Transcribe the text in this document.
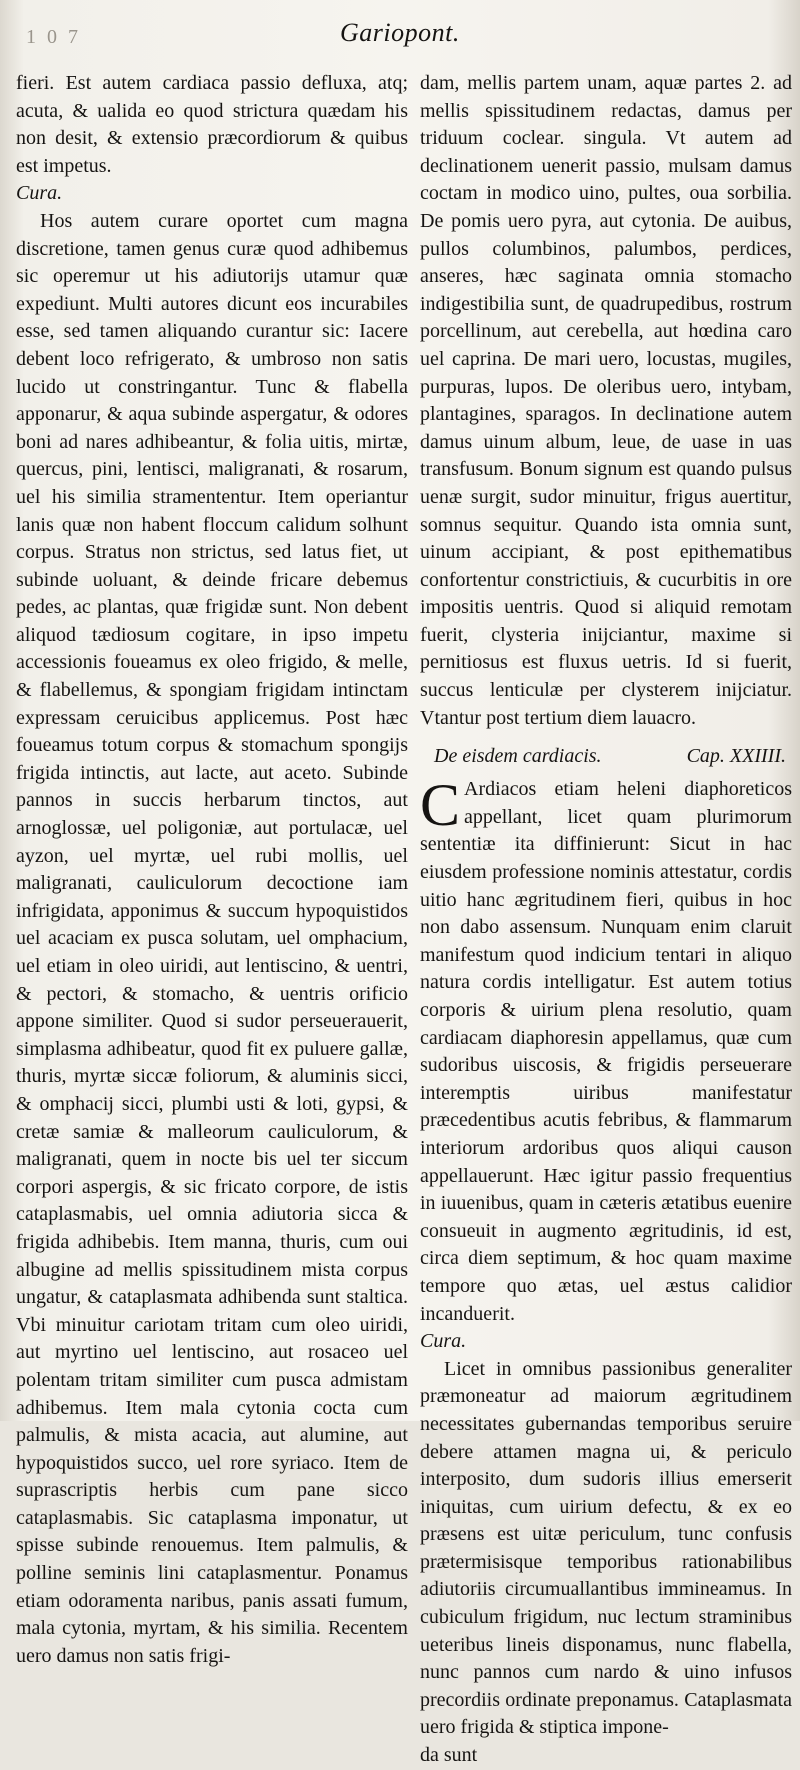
1 0 7	Gariopont.

fieri. Est autem cardiaca passio defluxa, atq; acuta, & ualida eo quod strictura quædam his non desit, & extensio præcordiorum & quibus est impetus.

Cura.

Hos autem curare oportet cum magna discretione, tamen genus curæ quod adhibemus sic operemur ut his adiutorijs utamur quæ expediunt. Multi autores dicunt eos incurabiles esse, sed tamen aliquando curantur sic: Iacere debent loco refrigerato, & umbroso non satis lucido ut constringantur. Tunc & flabella apponarur, & aqua subinde aspergatur, & odores boni ad nares adhibeantur, & folia uitis, mirtæ, quercus, pini, lentisci, maligranati, & rosarum, uel his similia stramententur. Item operiantur lanis quæ non habent floccum calidum solhunt corpus. Stratus non strictus, sed latus fiet, ut subinde uoluant, & deinde fricare debemus pedes, ac plantas, quæ frigidæ sunt. Non debent aliquod tædiosum cogitare, in ipso impetu accessionis foueamus ex oleo frigido, & melle, & flabellemus, & spongiam frigidam intinctam expressam ceruicibus applicemus. Post hæc foueamus totum corpus & stomachum spongijs frigida intinctis, aut lacte, aut aceto. Subinde pannos in succis herbarum tinctos, aut arnoglossæ, uel poligoniæ, aut portulacæ, uel ayzon, uel myrtæ, uel rubi mollis, uel maligranati, cauliculorum decoctione iam infrigidata, apponimus & succum hypoquistidos uel acaciam ex pusca solutam, uel omphacium, uel etiam in oleo uiridi, aut lentiscino, & uentri, & pectori, & stomacho, & uentris orificio appone similiter. Quod si sudor perseuerauerit, simplasma adhibeatur, quod fit ex puluere gallæ, thuris, myrtæ siccæ foliorum, & aluminis sicci, & omphacij sicci, plumbi usti & loti, gypsi, & cretæ samiæ & malleorum cauliculorum, & maligranati, quem in nocte bis uel ter siccum corpori aspergis, & sic fricato corpore, de istis cataplasmabis, uel omnia adiutoria sicca & frigida adhibebis. Item manna, thuris, cum oui albugine ad mellis spissitudinem mista corpus ungatur, & cataplasmata adhibenda sunt staltica. Vbi minuitur cariotam tritam cum oleo uiridi, aut myrtino uel lentiscino, aut rosaceo uel polentam tritam similiter cum pusca admistam adhibemus. Item mala cytonia cocta cum palmulis, & mista acacia, aut alumine, aut hypoquistidos succo, uel rore syriaco. Item de suprascriptis herbis cum pane sicco cataplasmabis. Sic cataplasma imponatur, ut spisse subinde renouemus. Item palmulis, & polline seminis lini cataplasmentur. Ponamus etiam odoramenta naribus, panis assati fumum, mala cytonia, myrtam, & his similia. Recentem uero damus non satis frigi-

dam, mellis partem unam, aquæ partes 2. ad mellis spissitudinem redactas, damus per triduum coclear. singula. Vt autem ad declinationem uenerit passio, mulsam damus coctam in modico uino, pultes, oua sorbilia. De pomis uero pyra, aut cytonia. De auibus, pullos columbinos, palumbos, perdices, anseres, hæc saginata omnia stomacho indigestibilia sunt, de quadrupedibus, rostrum porcellinum, aut cerebella, aut hœdina caro uel caprina. De mari uero, locustas, mugiles, purpuras, lupos. De oleribus uero, intybam, plantagines, sparagos. In declinatione autem damus uinum album, leue, de uase in uas transfusum. Bonum signum est quando pulsus uenæ surgit, sudor minuitur, frigus auertitur, somnus sequitur. Quando ista omnia sunt, uinum accipiant, & post epithematibus confortentur constrictiuis, & cucurbitis in ore impositis uentris. Quod si aliquid remotam fuerit, clysteria inijciantur, maxime si pernitiosus est fluxus uetris. Id si fuerit, succus lenticulæ per clysterem inijciatur. Vtantur post tertium diem lauacro.

De eisdem cardiacis.	Cap. XXIIII.

C Ardiacos etiam heleni diaphoreticos appellant, licet quam plurimorum sententiæ ita diffinierunt: Sicut in hac eiusdem professione nominis attestatur, cordis uitio hanc ægritudinem fieri, quibus in hoc non dabo assensum. Nunquam enim claruit manifestum quod indicium tentari in aliquo natura cordis intelligatur. Est autem totius corporis & uirium plena resolutio, quam cardiacam diaphoresin appellamus, quæ cum sudoribus uiscosis, & frigidis perseuerare interemptis uiribus manifestatur præcedentibus acutis febribus, & flammarum interiorum ardoribus quos aliqui causon appellauerunt. Hæc igitur passio frequentius in iuuenibus, quam in cæteris ætatibus euenire consueuit in augmento ægritudinis, id est, circa diem septimum, & hoc quam maxime tempore quo ætas, uel æstus calidior incanduerit.

Cura.

Licet in omnibus passionibus generaliter præmoneatur ad maiorum ægritudinem necessitates gubernandas temporibus seruire debere attamen magna ui, & periculo interposito, dum sudoris illius emerserit iniquitas, cum uirium defectu, & ex eo præsens est uitæ periculum, tunc confusis prætermisisque temporibus rationabilibus adiutoriis circumuallantibus immineamus. In cubiculum frigidum, nuc lectum straminibus ueteribus lineis disponamus, nunc flabella, nunc pannos cum nardo & uino infusos precordiis ordinate preponamus. Cataplasmata uero frigida & stiptica impone-

da sunt
